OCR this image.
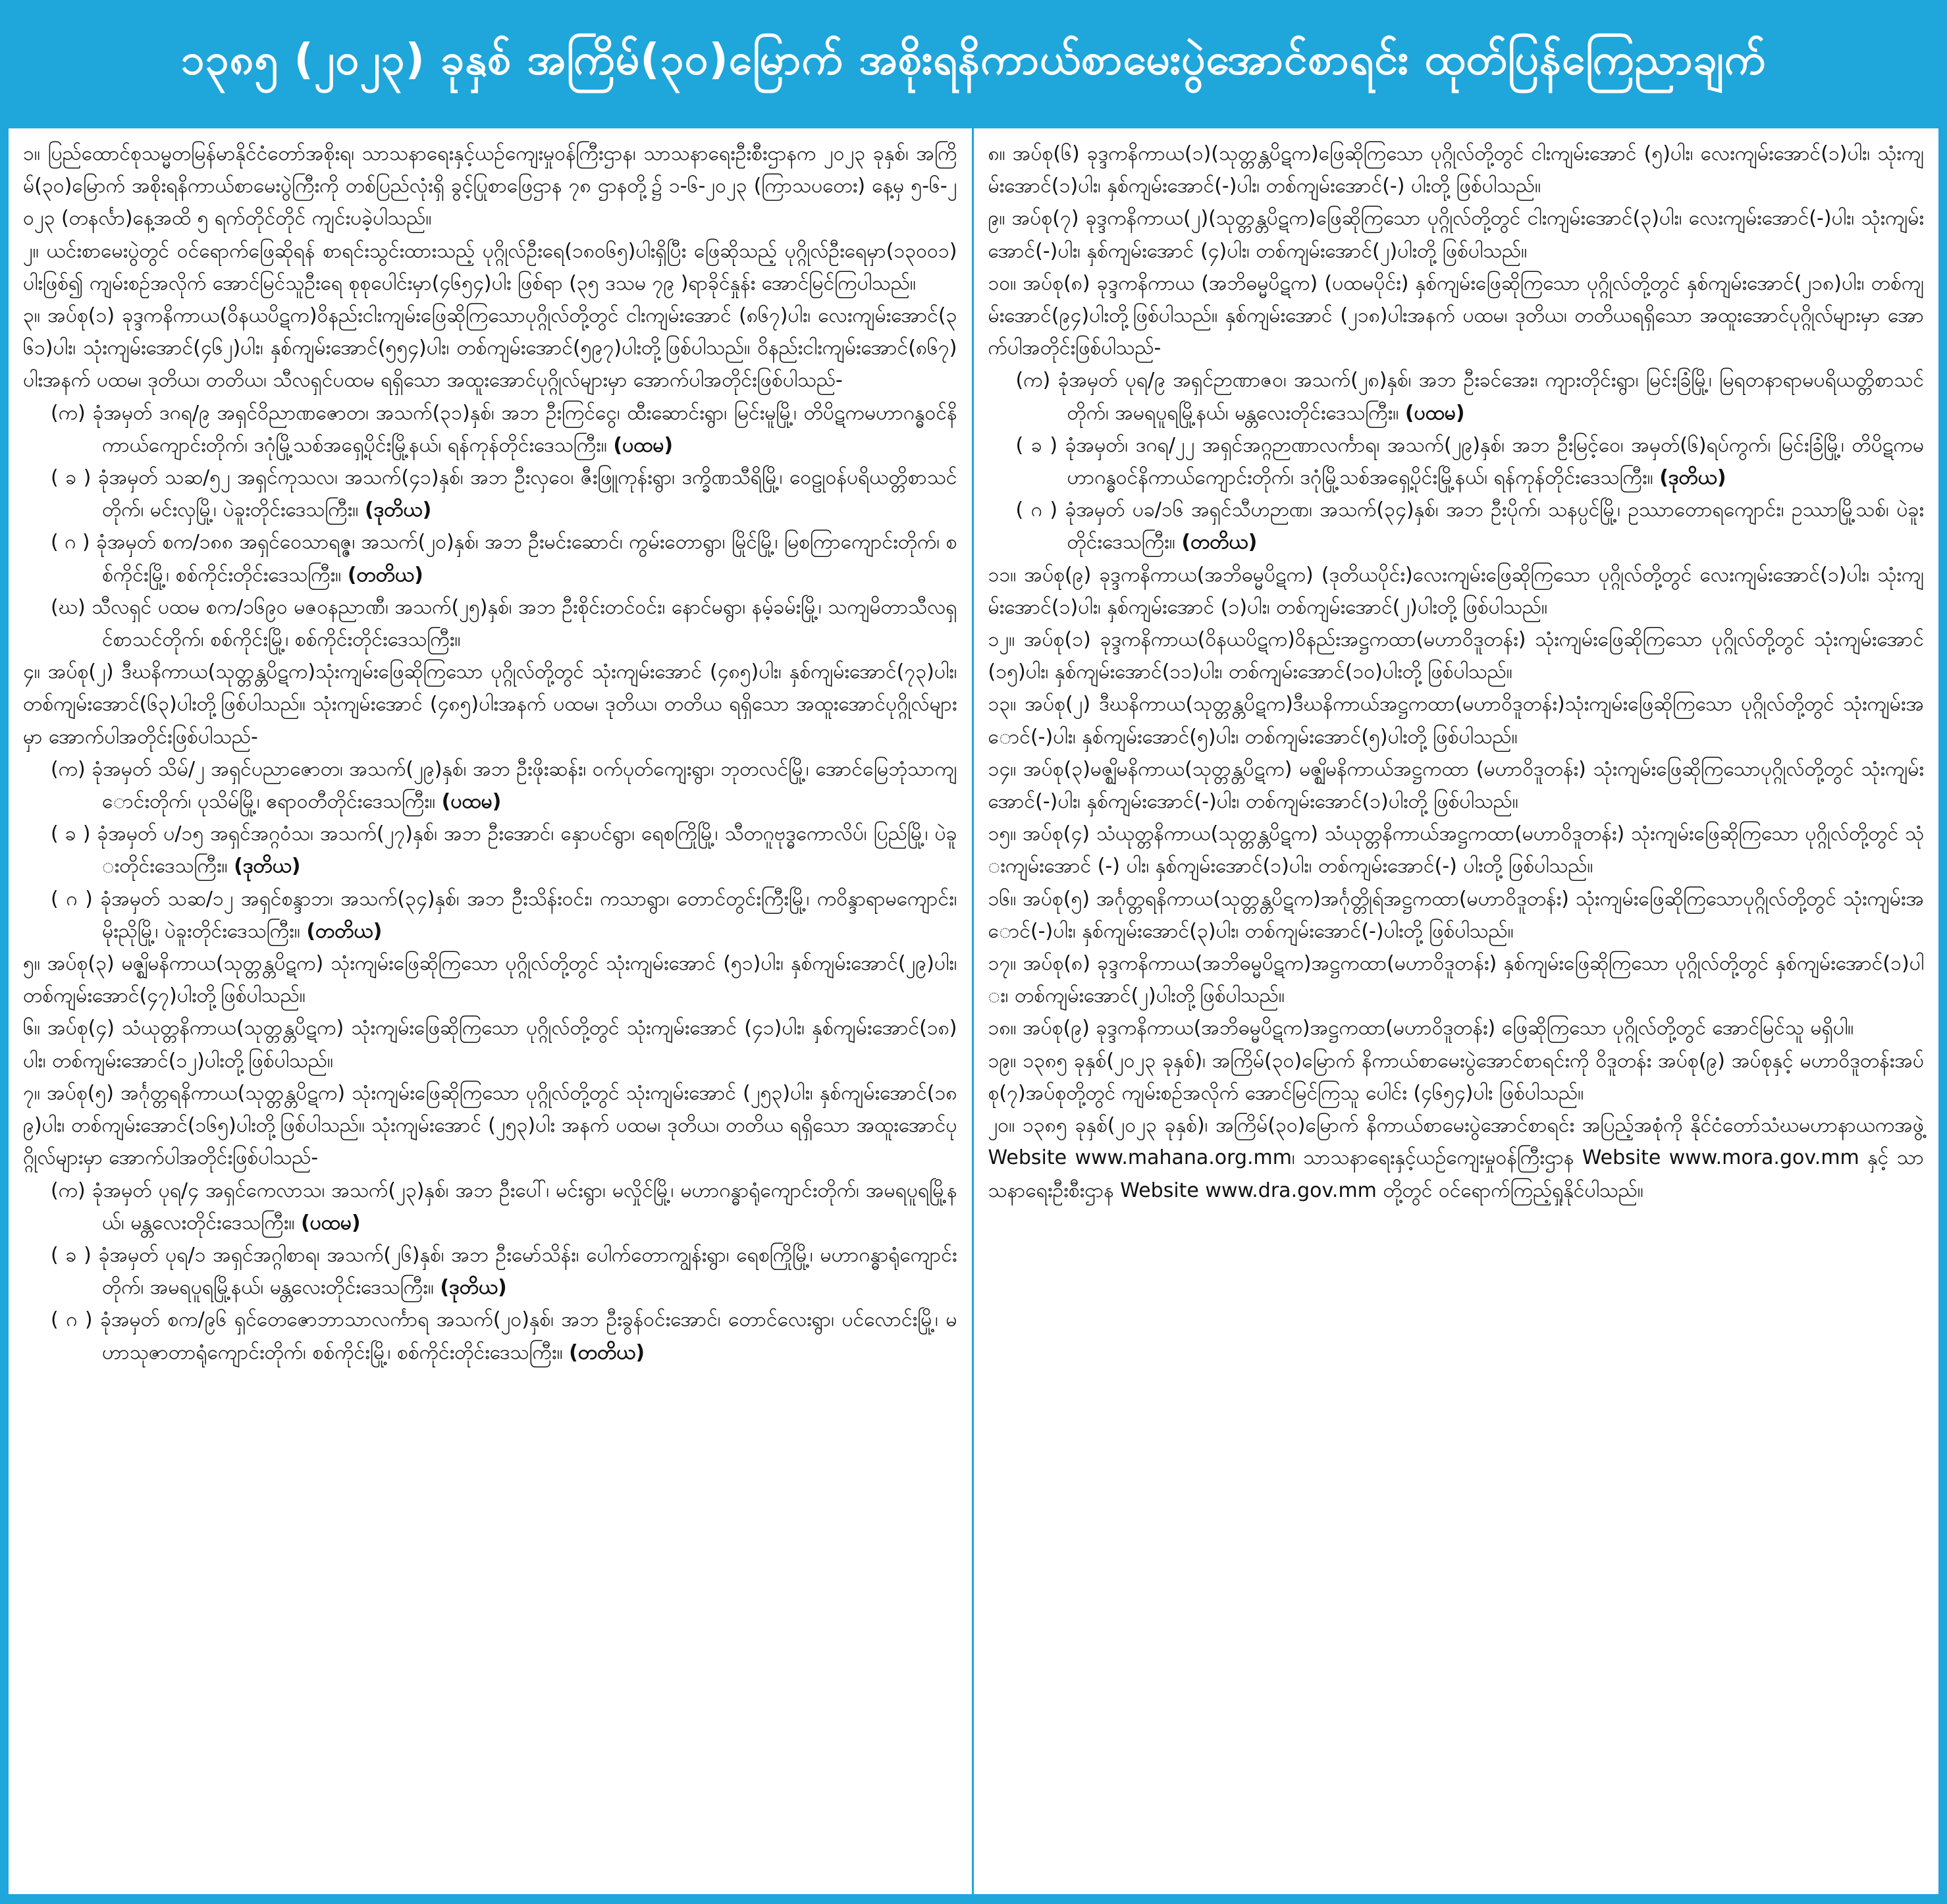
၁၃၈၅ (၂၀၂၃) ခုနှစ် အကြိမ်(၃၀)မြောက် အစိုးရနိကာယ်စာမေးပွဲအောင်စာရင်း ထုတ်ပြန်ကြေညာချက်

၁။ ပြည်ထောင်စုသမ္မတမြန်မာနိုင်ငံတော်အစိုးရ၊ သာသနာရေးနှင့်ယဉ်ကျေးမှုဝန်ကြီးဌာန၊ သာသနာရေးဦးစီးဌာနက ၂၀၂၃ ခုနှစ်၊ အကြိမ်(၃၀)မြောက် အစိုးရနိကာယ်စာမေးပွဲကြီးကို တစ်ပြည်လုံးရှိ ခွင့်ပြုစာဖြေဌာန ၇၈ ဌာနတို့၌ ၁-၆-၂၀၂၃ (ကြာသပတေး) နေ့မှ ၅-၆-၂၀၂၃ (တနင်္လာ)နေ့အထိ ၅ ရက်တိုင်တိုင် ကျင်းပခဲ့ပါသည်။

၂။ ယင်းစာမေးပွဲတွင် ဝင်ရောက်ဖြေဆိုရန် စာရင်းသွင်းထားသည့် ပုဂ္ဂိုလ်ဦးရေ(၁၈၀၆၅)ပါးရှိပြီး ဖြေဆိုသည့် ပုဂ္ဂိုလ်ဦးရေမှာ(၁၃၀၀၁)ပါးဖြစ်၍ ကျမ်းစဉ်အလိုက် အောင်မြင်သူဦးရေ စုစုပေါင်းမှာ(၄၆၅၄)ပါး ဖြစ်ရာ (၃၅ ဒသမ ၇၉ )ရာခိုင်နှုန်း အောင်မြင်ကြပါသည်။

၃။ အပ်စု(၁) ခုဒ္ဒကနိကာယ(ဝိနယပိဋက)ဝိနည်းငါးကျမ်းဖြေဆိုကြသောပုဂ္ဂိုလ်တို့တွင် ငါးကျမ်းအောင် (၈၆၇)ပါး၊ လေးကျမ်းအောင်(၃၆၁)ပါး၊ သုံးကျမ်းအောင်(၄၆၂)ပါး၊ နှစ်ကျမ်းအောင်(၅၅၄)ပါး၊ တစ်ကျမ်းအောင်(၅၉၇)ပါးတို့ဖြစ်ပါသည်။ ဝိနည်းငါးကျမ်းအောင်(၈၆၇)ပါးအနက် ပထမ၊ ဒုတိယ၊ တတိယ၊ သီလရှင်ပထမ ရရှိသော အထူးအောင်ပုဂ္ဂိုလ်များမှာ အောက်ပါအတိုင်းဖြစ်ပါသည်-

(က) ခုံအမှတ် ဒဂရ/၉ အရှင်ဝိညာဏဇောတ၊ အသက်(၃၁)နှစ်၊ အဘ ဦးကြင်ငွေ၊ ထီးဆောင်းရွာ၊ မြင်းမူမြို့၊ တိပိဋကမဟာဂန္ဓဝင်နိကာယ်ကျောင်းတိုက်၊ ဒဂုံမြို့သစ်အရှေ့ပိုင်းမြို့နယ်၊ ရန်ကုန်တိုင်းဒေသကြီး။ (ပထမ)

( ခ ) ခုံအမှတ် သဆ/၅၂ အရှင်ကုသလ၊ အသက်(၄၁)နှစ်၊ အဘ ဦးလှဝေ၊ ဇီးဖြူကုန်းရွာ၊ ဒက္ခိဏသီရိမြို့၊ ဝေဠုဝန်ပရိယတ္တိစာသင်တိုက်၊ မင်းလှမြို့၊ ပဲခူးတိုင်းဒေသကြီး။ (ဒုတိယ)

( ဂ ) ခုံအမှတ် စက/၁၈၈ အရှင်ဝေသာရဇ္ဇ၊ အသက်(၂၀)နှစ်၊ အဘ ဦးမင်းဆောင်၊ ကွမ်းတောရွာ၊ မြိုင်မြို့၊ မြစကြာကျောင်းတိုက်၊ စစ်ကိုင်းမြို့၊ စစ်ကိုင်းတိုင်းဒေသကြီး။ (တတိယ)

(ဃ) သီလရှင် ပထမ စက/၁၆၉၀ မဇဝနညာဏီ၊ အသက်(၂၅)နှစ်၊ အဘ ဦးစိုင်းတင်ဝင်း၊ နောင်မရွာ၊ နမ့်ခမ်းမြို့၊ သကျမိတာသီလရှင်စာသင်တိုက်၊ စစ်ကိုင်းမြို့၊ စစ်ကိုင်းတိုင်းဒေသကြီး။

၄။ အပ်စု(၂) ဒီဃနိကာယ(သုတ္တန္တပိဋက)သုံးကျမ်းဖြေဆိုကြသော ပုဂ္ဂိုလ်တို့တွင် သုံးကျမ်းအောင် (၄၈၅)ပါး၊ နှစ်ကျမ်းအောင်(၇၃)ပါး၊ တစ်ကျမ်းအောင်(၆၃)ပါးတို့ဖြစ်ပါသည်။ သုံးကျမ်းအောင် (၄၈၅)ပါးအနက် ပထမ၊ ဒုတိယ၊ တတိယ ရရှိသော အထူးအောင်ပုဂ္ဂိုလ်များမှာ အောက်ပါအတိုင်းဖြစ်ပါသည်-

(က) ခုံအမှတ် သိမ်/၂ အရှင်ပညာဇောတ၊ အသက်(၂၉)နှစ်၊ အဘ ဦးဖိုးဆန်း၊ ဝက်ပုတ်ကျေးရွာ၊ ဘုတလင်မြို့၊ အောင်မြေဘုံသာကျောင်းတိုက်၊ ပုသိမ်မြို့၊ ဧရာဝတီတိုင်းဒေသကြီး။ (ပထမ)

( ခ ) ခုံအမှတ် ပ/၁၅ အရှင်အဂ္ဂဝံသ၊ အသက်(၂၇)နှစ်၊ အဘ ဦးအောင်၊ နှောပင်ရွာ၊ ရေစကြိုမြို့၊ သီတဂူဗုဒ္ဓကောလိပ်၊ ပြည်မြို့၊ ပဲခူးတိုင်းဒေသကြီး။ (ဒုတိယ)

( ဂ ) ခုံအမှတ် သဆ/၁၂ အရှင်စန္ဒာဘ၊ အသက်(၃၄)နှစ်၊ အဘ ဦးသိန်းဝင်း၊ ကသာရွာ၊ တောင်တွင်းကြီးမြို့၊ ကဝိန္ဒာရာမကျောင်း၊ မိုးညိုမြို့၊ ပဲခူးတိုင်းဒေသကြီး။ (တတိယ)

၅။ အပ်စု(၃) မဇ္ဈိမနိကာယ(သုတ္တန္တပိဋက) သုံးကျမ်းဖြေဆိုကြသော ပုဂ္ဂိုလ်တို့တွင် သုံးကျမ်းအောင် (၅၁)ပါး၊ နှစ်ကျမ်းအောင်(၂၉)ပါး၊ တစ်ကျမ်းအောင်(၄၇)ပါးတို့ဖြစ်ပါသည်။

၆။ အပ်စု(၄) သံယုတ္တနိကာယ(သုတ္တန္တပိဋက) သုံးကျမ်းဖြေဆိုကြသော ပုဂ္ဂိုလ်တို့တွင် သုံးကျမ်းအောင် (၄၁)ပါး၊ နှစ်ကျမ်းအောင်(၁၈)ပါး၊ တစ်ကျမ်းအောင်(၁၂)ပါးတို့ဖြစ်ပါသည်။

၇။ အပ်စု(၅) အင်္ဂုတ္တရနိကာယ(သုတ္တန္တပိဋက) သုံးကျမ်းဖြေဆိုကြသော ပုဂ္ဂိုလ်တို့တွင် သုံးကျမ်းအောင် (၂၅၃)ပါး၊ နှစ်ကျမ်းအောင်(၁၈၉)ပါး၊ တစ်ကျမ်းအောင်(၁၆၅)ပါးတို့ဖြစ်ပါသည်။ သုံးကျမ်းအောင် (၂၅၃)ပါး အနက် ပထမ၊ ဒုတိယ၊ တတိယ ရရှိသော အထူးအောင်ပုဂ္ဂိုလ်များမှာ အောက်ပါအတိုင်းဖြစ်ပါသည်-

(က) ခုံအမှတ် ပုရ/၄ အရှင်ကေလာသ၊ အသက်(၂၃)နှစ်၊ အဘ ဦးပေါ်၊ မင်းရွာ၊ မလှိုင်မြို့၊ မဟာဂန္ဓာရုံကျောင်းတိုက်၊ အမရပူရမြို့နယ်၊ မန္တလေးတိုင်းဒေသကြီး။ (ပထမ)

( ခ ) ခုံအမှတ် ပုရ/၁ အရှင်အဂ္ဂါစာရ၊ အသက်(၂၆)နှစ်၊ အဘ ဦးမော်သိန်း၊ ပေါက်တောကျွန်းရွာ၊ ရေစကြိုမြို့၊ မဟာဂန္ဓာရုံကျောင်းတိုက်၊ အမရပူရမြို့နယ်၊ မန္တလေးတိုင်းဒေသကြီး။ (ဒုတိယ)

( ဂ ) ခုံအမှတ် စက/၉၆ ရှင်တေဇောဘာသာလင်္ကာရ အသက်(၂၀)နှစ်၊ အဘ ဦးခွန်ဝင်းအောင်၊ တောင်လေးရွာ၊ ပင်လောင်းမြို့၊ မဟာသုဇာတာရုံကျောင်းတိုက်၊ စစ်ကိုင်းမြို့၊ စစ်ကိုင်းတိုင်းဒေသကြီး။ (တတိယ)

၈။ အပ်စု(၆) ခုဒ္ဒကနိကာယ(၁)(သုတ္တန္တပိဋက)ဖြေဆိုကြသော ပုဂ္ဂိုလ်တို့တွင် ငါးကျမ်းအောင် (၅)ပါး၊ လေးကျမ်းအောင်(၁)ပါး၊ သုံးကျမ်းအောင်(၁)ပါး၊ နှစ်ကျမ်းအောင်(-)ပါး၊ တစ်ကျမ်းအောင်(-) ပါးတို့ ဖြစ်ပါသည်။

၉။ အပ်စု(၇) ခုဒ္ဒကနိကာယ(၂)(သုတ္တန္တပိဋက)ဖြေဆိုကြသော ပုဂ္ဂိုလ်တို့တွင် ငါးကျမ်းအောင်(၃)ပါး၊ လေးကျမ်းအောင်(-)ပါး၊ သုံးကျမ်းအောင်(-)ပါး၊ နှစ်ကျမ်းအောင် (၄)ပါး၊ တစ်ကျမ်းအောင်(၂)ပါးတို့ ဖြစ်ပါသည်။

၁၀။ အပ်စု(၈) ခုဒ္ဒကနိကာယ (အဘိဓမ္မပိဋက) (ပထမပိုင်း) နှစ်ကျမ်းဖြေဆိုကြသော ပုဂ္ဂိုလ်တို့တွင် နှစ်ကျမ်းအောင်(၂၁၈)ပါး၊ တစ်ကျမ်းအောင်(၉၄)ပါးတို့ဖြစ်ပါသည်။ နှစ်ကျမ်းအောင် (၂၁၈)ပါးအနက် ပထမ၊ ဒုတိယ၊ တတိယရရှိသော အထူးအောင်ပုဂ္ဂိုလ်များမှာ အောက်ပါအတိုင်းဖြစ်ပါသည်-

(က) ခုံအမှတ် ပုရ/၉ အရှင်ဉာဏာဇဝ၊ အသက်(၂၈)နှစ်၊ အဘ ဦးခင်အေး၊ ကျားတိုင်းရွာ၊ မြင်းခြံမြို့၊ မြရတနာရာမပရိယတ္တိစာသင်တိုက်၊ အမရပူရမြို့နယ်၊ မန္တလေးတိုင်းဒေသကြီး။ (ပထမ)

( ခ ) ခုံအမှတ်၊ ဒဂရ/၂၂ အရှင်အဂ္ဂဉာဏာလင်္ကာရ၊ အသက်(၂၉)နှစ်၊ အဘ ဦးမြင့်ဝေ၊ အမှတ်(၆)ရပ်ကွက်၊ မြင်းခြံမြို့၊ တိပိဋကမဟာဂန္ဓဝင်နိကာယ်ကျောင်းတိုက်၊ ဒဂုံမြို့သစ်အရှေ့ပိုင်းမြို့နယ်၊ ရန်ကုန်တိုင်းဒေသကြီး။ (ဒုတိယ)

( ဂ ) ခုံအမှတ် ပခ/၁၆ အရှင်သီဟဉာဏ၊ အသက်(၃၄)နှစ်၊ အဘ ဦးပိုက်၊ သနပ္ပင်မြို့၊ ဥဿာတောရကျောင်း၊ ဥဿာမြို့သစ်၊ ပဲခူးတိုင်းဒေသကြီး။ (တတိယ)

၁၁။ အပ်စု(၉) ခုဒ္ဒကနိကာယ(အဘိဓမ္မပိဋက) (ဒုတိယပိုင်း)လေးကျမ်းဖြေဆိုကြသော ပုဂ္ဂိုလ်တို့တွင် လေးကျမ်းအောင်(၁)ပါး၊ သုံးကျမ်းအောင်(၁)ပါး၊ နှစ်ကျမ်းအောင် (၁)ပါး၊ တစ်ကျမ်းအောင်(၂)ပါးတို့ ဖြစ်ပါသည်။

၁၂။ အပ်စု(၁) ခုဒ္ဒကနိကာယ(ဝိနယပိဋက)ဝိနည်းအဋ္ဌကထာ(မဟာဝိဒူတန်း) သုံးကျမ်းဖြေဆိုကြသော ပုဂ္ဂိုလ်တို့တွင် သုံးကျမ်းအောင်(၁၅)ပါး၊ နှစ်ကျမ်းအောင်(၁၁)ပါး၊ တစ်ကျမ်းအောင်(၁၀)ပါးတို့ ဖြစ်ပါသည်။

၁၃။ အပ်စု(၂) ဒီဃနိကာယ(သုတ္တန္တပိဋက)ဒီဃနိကာယ်အဋ္ဌကထာ(မဟာဝိဒူတန်း)သုံးကျမ်းဖြေဆိုကြသော ပုဂ္ဂိုလ်တို့တွင် သုံးကျမ်းအောင်(-)ပါး၊ နှစ်ကျမ်းအောင်(၅)ပါး၊ တစ်ကျမ်းအောင်(၅)ပါးတို့ ဖြစ်ပါသည်။

၁၄။ အပ်စု(၃)မဇ္ဈိမနိကာယ(သုတ္တန္တပိဋက) မဇ္ဈိမနိကာယ်အဋ္ဌကထာ (မဟာဝိဒူတန်း) သုံးကျမ်းဖြေဆိုကြသောပုဂ္ဂိုလ်တို့တွင် သုံးကျမ်းအောင်(-)ပါး၊ နှစ်ကျမ်းအောင်(-)ပါး၊ တစ်ကျမ်းအောင်(၁)ပါးတို့ ဖြစ်ပါသည်။

၁၅။ အပ်စု(၄) သံယုတ္တနိကာယ(သုတ္တန္တပိဋက) သံယုတ္တနိကာယ်အဋ္ဌကထာ(မဟာဝိဒူတန်း) သုံးကျမ်းဖြေဆိုကြသော ပုဂ္ဂိုလ်တို့တွင် သုံးကျမ်းအောင် (-) ပါး၊ နှစ်ကျမ်းအောင်(၁)ပါး၊ တစ်ကျမ်းအောင်(-) ပါးတို့ ဖြစ်ပါသည်။

၁၆။ အပ်စု(၅) အင်္ဂုတ္တရနိကာယ(သုတ္တန္တပိဋက)အင်္ဂုတ္တိုရ်အဋ္ဌကထာ(မဟာဝိဒူတန်း) သုံးကျမ်းဖြေဆိုကြသောပုဂ္ဂိုလ်တို့တွင် သုံးကျမ်းအောင်(-)ပါး၊ နှစ်ကျမ်းအောင်(၃)ပါး၊ တစ်ကျမ်းအောင်(-)ပါးတို့ ဖြစ်ပါသည်။

၁၇။ အပ်စု(၈) ခုဒ္ဒကနိကာယ(အဘိဓမ္မပိဋက)အဋ္ဌကထာ(မဟာဝိဒူတန်း) နှစ်ကျမ်းဖြေဆိုကြသော ပုဂ္ဂိုလ်တို့တွင် နှစ်ကျမ်းအောင်(၁)ပါး၊ တစ်ကျမ်းအောင်(၂)ပါးတို့ဖြစ်ပါသည်။

၁၈။ အပ်စု(၉) ခုဒ္ဒကနိကာယ(အဘိဓမ္မပိဋက)အဋ္ဌကထာ(မဟာဝိဒူတန်း) ဖြေဆိုကြသော ပုဂ္ဂိုလ်တို့တွင် အောင်မြင်သူ မရှိပါ။

၁၉။ ၁၃၈၅ ခုနှစ်(၂၀၂၃ ခုနှစ်)၊ အကြိမ်(၃၀)မြောက် နိကာယ်စာမေးပွဲအောင်စာရင်းကို ဝိဒူတန်း အပ်စု(၉) အပ်စုနှင့် မဟာဝိဒူတန်းအပ်စု(၇)အပ်စုတို့တွင် ကျမ်းစဉ်အလိုက် အောင်မြင်ကြသူ ပေါင်း (၄၆၅၄)ပါး ဖြစ်ပါသည်။

၂၀။ ၁၃၈၅ ခုနှစ်(၂၀၂၃ ခုနှစ်)၊ အကြိမ်(၃၀)မြောက် နိကာယ်စာမေးပွဲအောင်စာရင်း အပြည့်အစုံကို နိုင်ငံတော်သံဃမဟာနာယကအဖွဲ့ Website www.mahana.org.mm၊ သာသနာရေးနှင့်ယဉ်ကျေးမှုဝန်ကြီးဌာန Website www.mora.gov.mm နှင့် သာသနာရေးဦးစီးဌာန Website www.dra.gov.mm တို့တွင် ဝင်ရောက်ကြည့်ရှုနိုင်ပါသည်။
